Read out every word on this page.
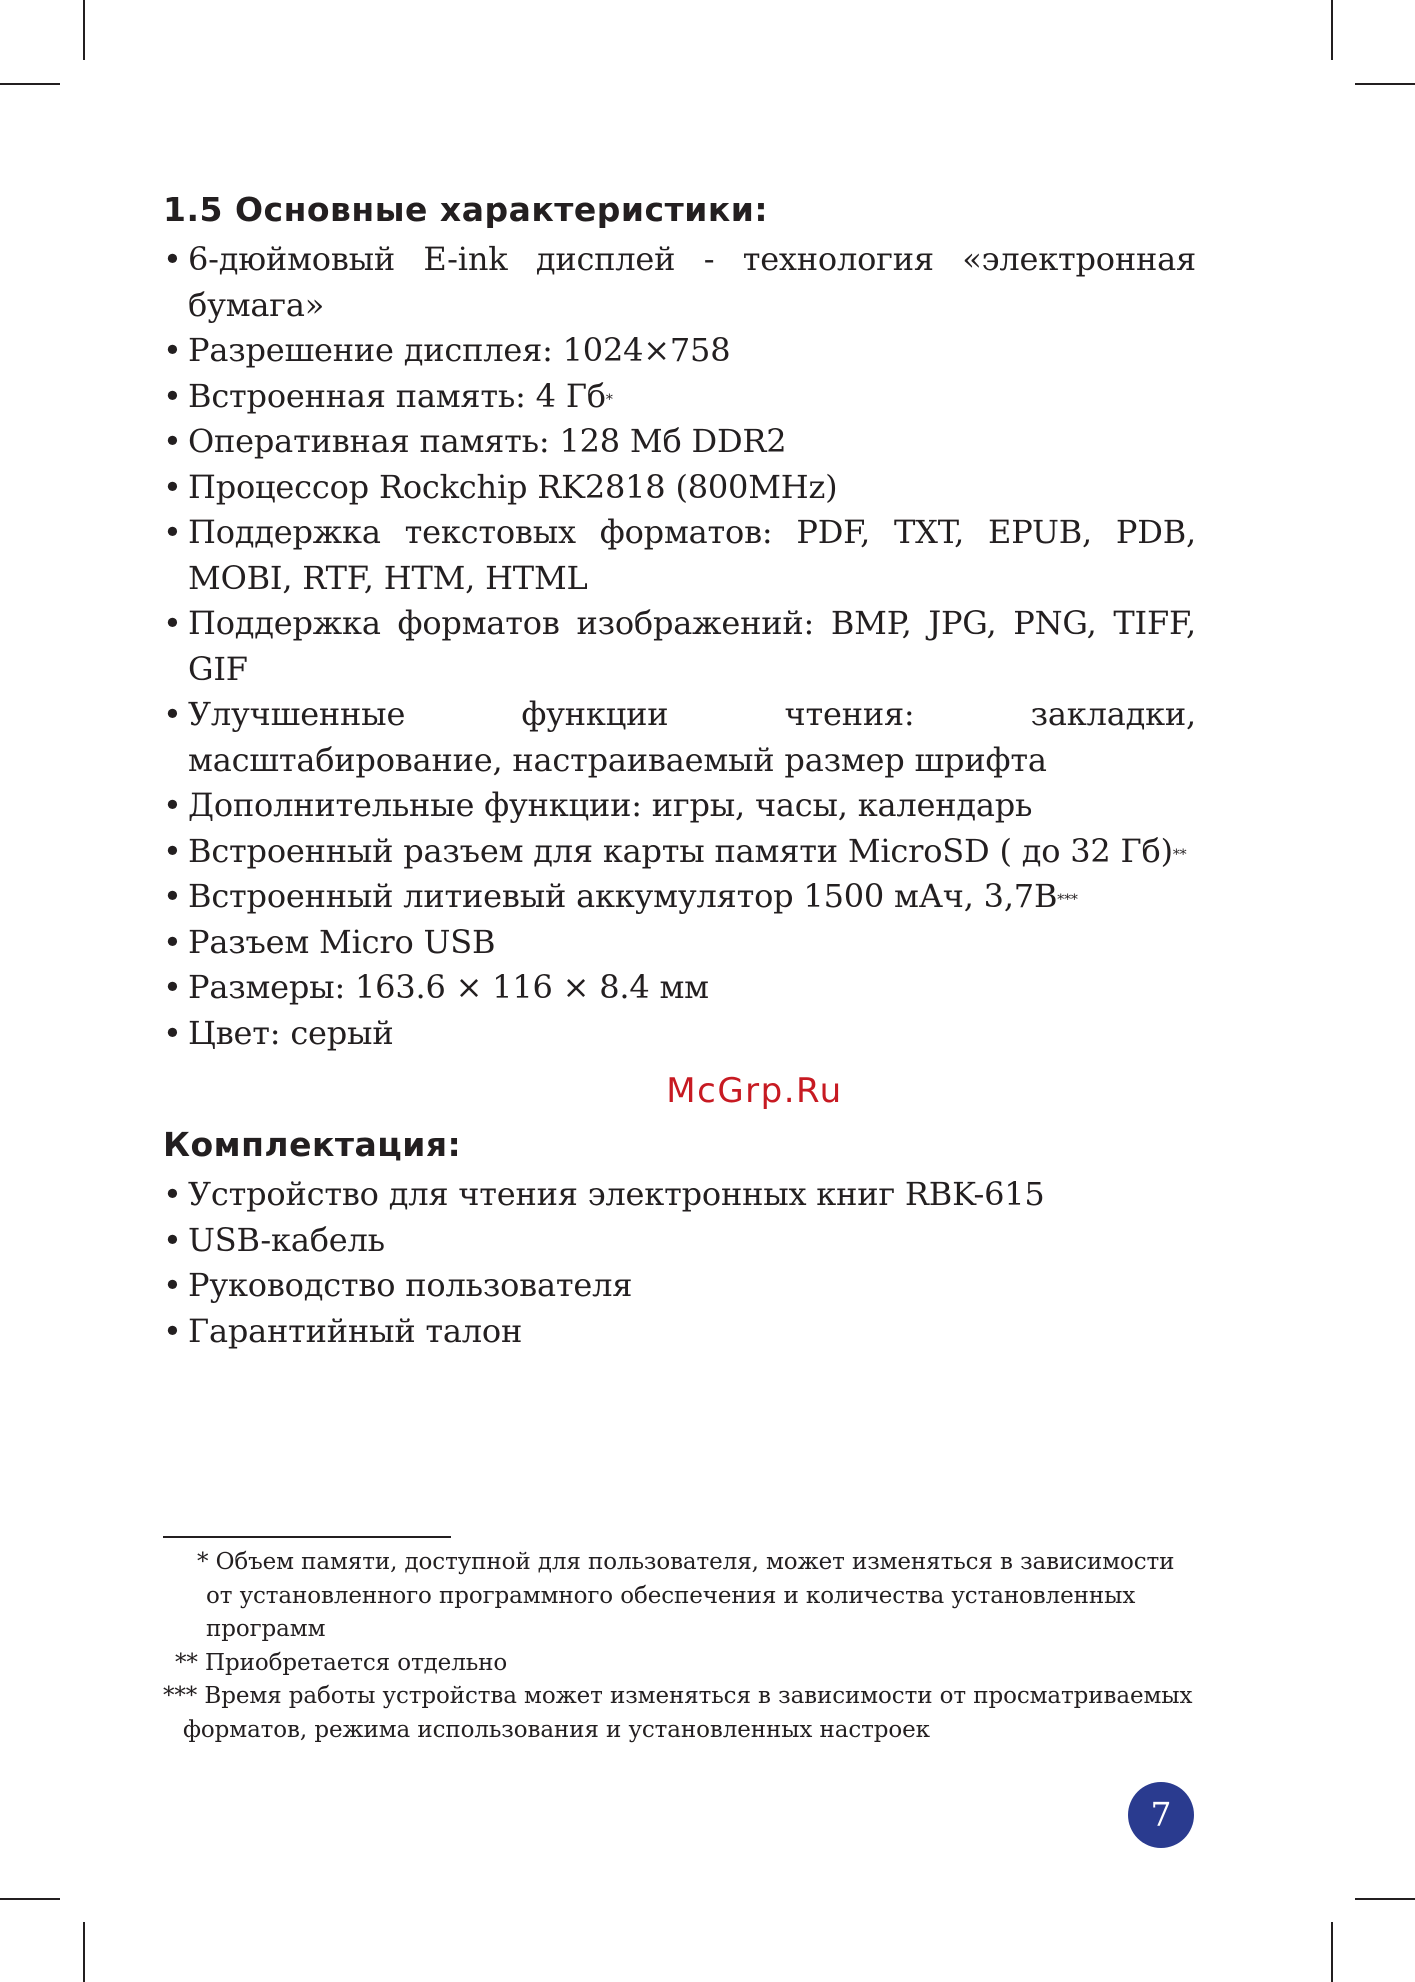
1.5 Основные характеристики:
• 6-дюймовый E-ink дисплей - технология «электронная бумага»
• Разрешение дисплея: 1024×758
• Встроенная память: 4 Гб*
• Оперативная память: 128 Мб DDR2
• Процессор Rockchip RK2818 (800MHz)
• Поддержка текстовых форматов: PDF, TXT, EPUB, PDB, MOBI, RTF, HTM, HTML
• Поддержка форматов изображений: BMP, JPG, PNG, TIFF, GIF
• Улучшенные функции чтения: закладки, масштабирование, настраиваемый размер шрифта
• Дополнительные функции: игры, часы, календарь
• Встроенный разъем для карты памяти MicroSD ( до 32 Гб)**
• Встроенный литиевый аккумулятор 1500 мАч, 3,7В***
• Разъем Micro USB
• Размеры: 163.6 × 116 × 8.4 мм
• Цвет: серый
McGrp.Ru
Комплектация:
• Устройство для чтения электронных книг RBK-615
• USB-кабель
• Руководство пользователя
• Гарантийный талон
* Объем памяти, доступной для пользователя, может изменяться в зависимости от установленного программного обеспечения и количества установленных программ
** Приобретается отдельно
*** Время работы устройства может изменяться в зависимости от просматриваемых форматов, режима использования и установленных настроек
7
